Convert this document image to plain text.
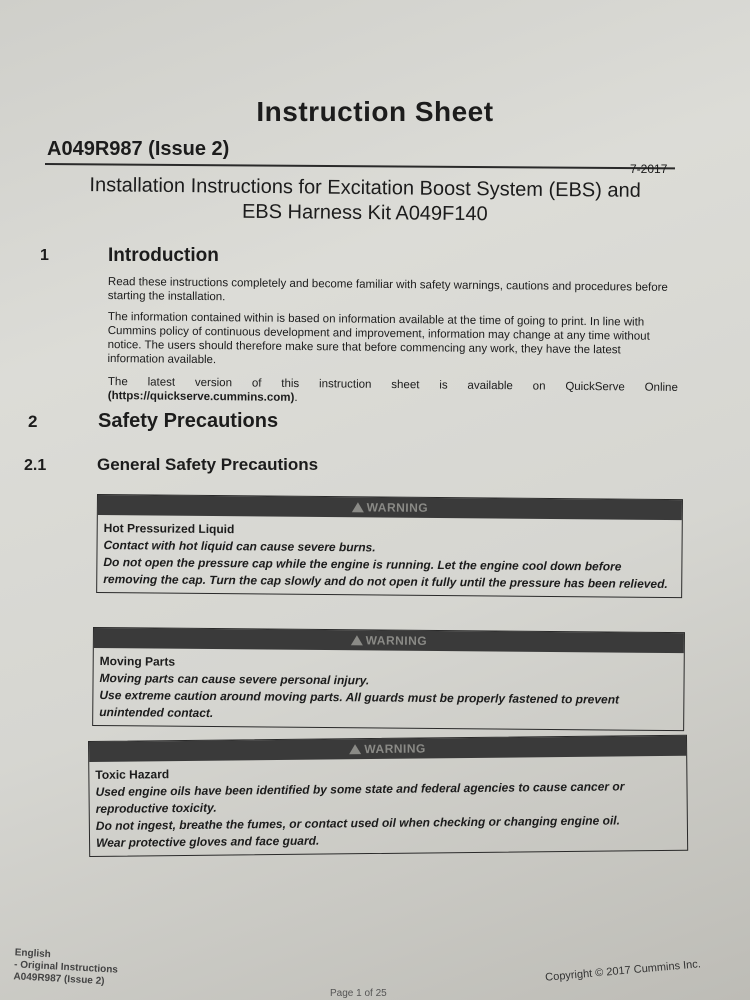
Instruction Sheet
A049R987 (Issue 2)
7-2017
Installation Instructions for Excitation Boost System (EBS) and
EBS Harness Kit A049F140
1	Introduction
Read these instructions completely and become familiar with safety warnings, cautions and procedures before starting the installation.
The information contained within is based on information available at the time of going to print. In line with Cummins policy of continuous development and improvement, information may change at any time without notice. The users should therefore make sure that before commencing any work, they have the latest information available.
The latest version of this instruction sheet is available on QuickServe Online
(https://quickserve.cummins.com).
2	Safety Precautions
2.1	General Safety Precautions
WARNING
Hot Pressurized Liquid
Contact with hot liquid can cause severe burns.
Do not open the pressure cap while the engine is running. Let the engine cool down before removing the cap. Turn the cap slowly and do not open it fully until the pressure has been relieved.
WARNING
Moving Parts
Moving parts can cause severe personal injury.
Use extreme caution around moving parts. All guards must be properly fastened to prevent unintended contact.
WARNING
Toxic Hazard
Used engine oils have been identified by some state and federal agencies to cause cancer or reproductive toxicity.
Do not ingest, breathe the fumes, or contact used oil when checking or changing engine oil.
Wear protective gloves and face guard.
English
- Original Instructions
A049R987 (Issue 2)	Copyright © 2017 Cummins Inc.
Page 1 of 25
